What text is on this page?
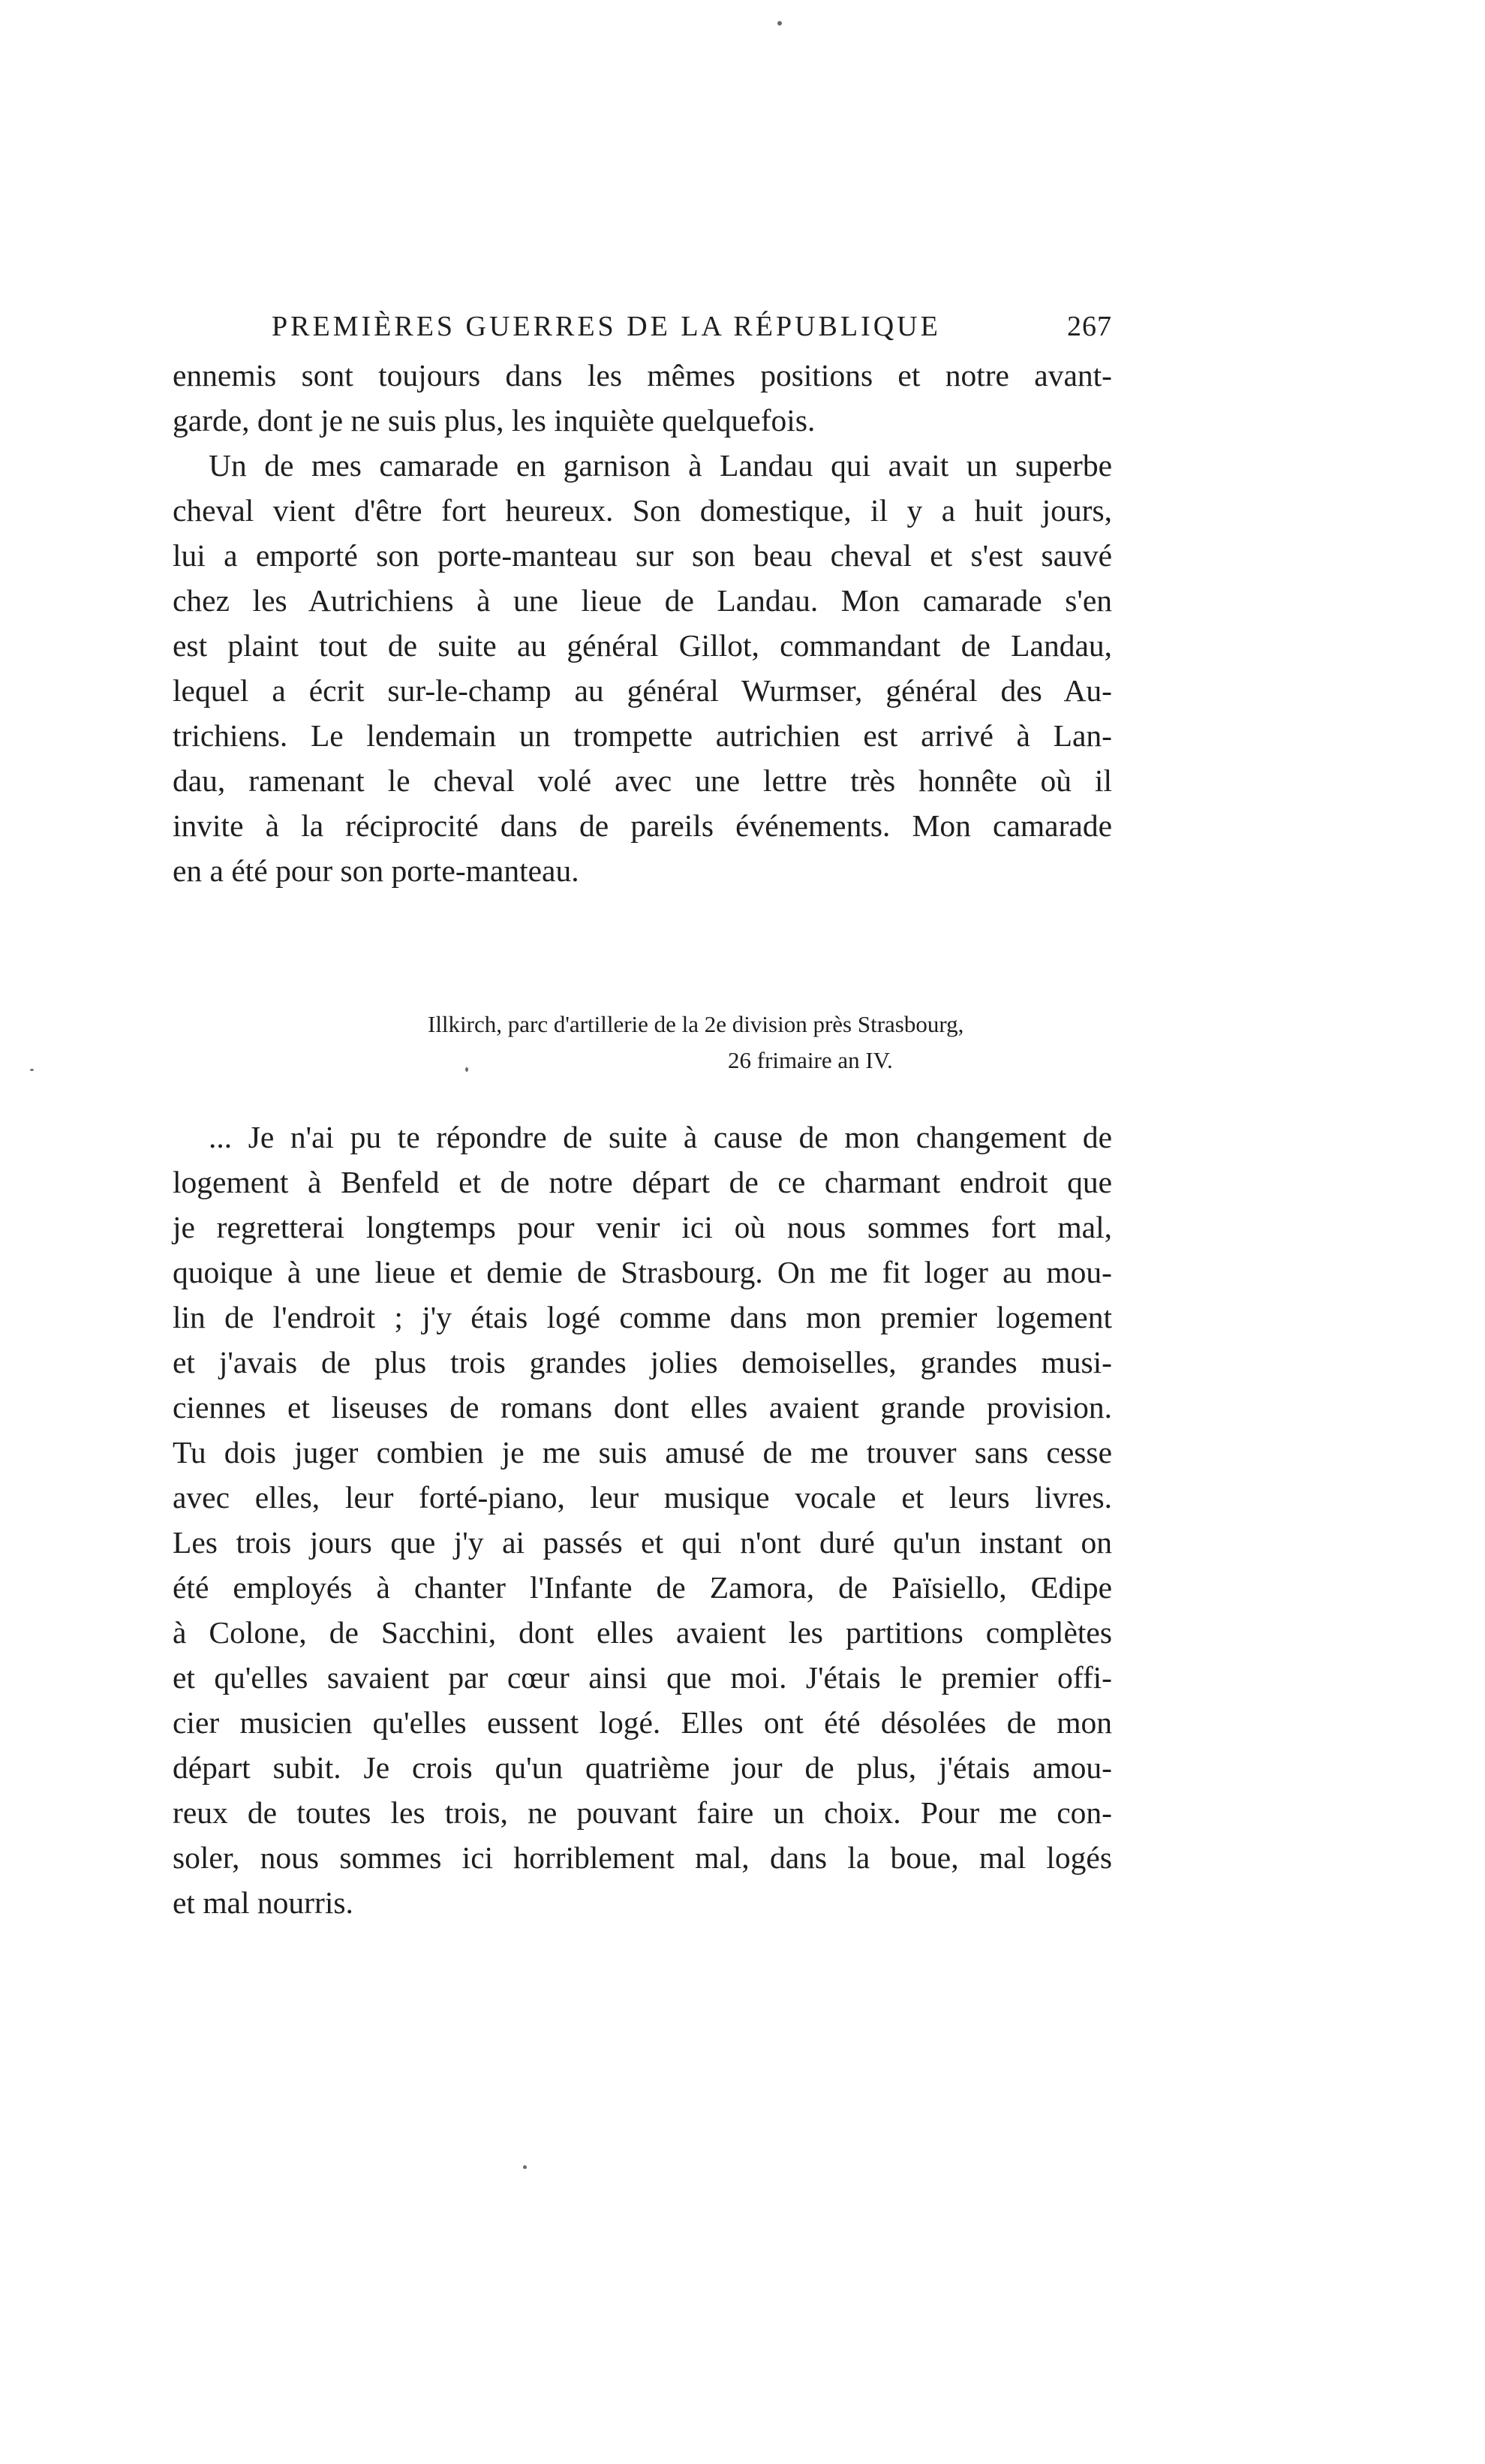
PREMIÈRES GUERRES DE LA RÉPUBLIQUE	267
ennemis sont toujours dans les mêmes positions et notre avant-
garde, dont je ne suis plus, les inquiète quelquefois.
Un de mes camarade en garnison à Landau qui avait un superbe
cheval vient d'être fort heureux. Son domestique, il y a huit jours,
lui a emporté son porte-manteau sur son beau cheval et s'est sauvé
chez les Autrichiens à une lieue de Landau. Mon camarade s'en
est plaint tout de suite au général Gillot, commandant de Landau,
lequel a écrit sur-le-champ au général Wurmser, général des Au-
trichiens. Le lendemain un trompette autrichien est arrivé à Lan-
dau, ramenant le cheval volé avec une lettre très honnête où il
invite à la réciprocité dans de pareils événements. Mon camarade
en a été pour son porte-manteau.
Illkirch, parc d'artillerie de la 2e division près Strasbourg,
26 frimaire an IV.
... Je n'ai pu te répondre de suite à cause de mon changement de
logement à Benfeld et de notre départ de ce charmant endroit que
je regretterai longtemps pour venir ici où nous sommes fort mal,
quoique à une lieue et demie de Strasbourg. On me fit loger au mou-
lin de l'endroit ; j'y étais logé comme dans mon premier logement
et j'avais de plus trois grandes jolies demoiselles, grandes musi-
ciennes et liseuses de romans dont elles avaient grande provision.
Tu dois juger combien je me suis amusé de me trouver sans cesse
avec elles, leur forté-piano, leur musique vocale et leurs livres.
Les trois jours que j'y ai passés et qui n'ont duré qu'un instant on
été employés à chanter l'Infante de Zamora, de Païsiello, Œdipe
à Colone, de Sacchini, dont elles avaient les partitions complètes
et qu'elles savaient par cœur ainsi que moi. J'étais le premier offi-
cier musicien qu'elles eussent logé. Elles ont été désolées de mon
départ subit. Je crois qu'un quatrième jour de plus, j'étais amou-
reux de toutes les trois, ne pouvant faire un choix. Pour me con-
soler, nous sommes ici horriblement mal, dans la boue, mal logés
et mal nourris.
